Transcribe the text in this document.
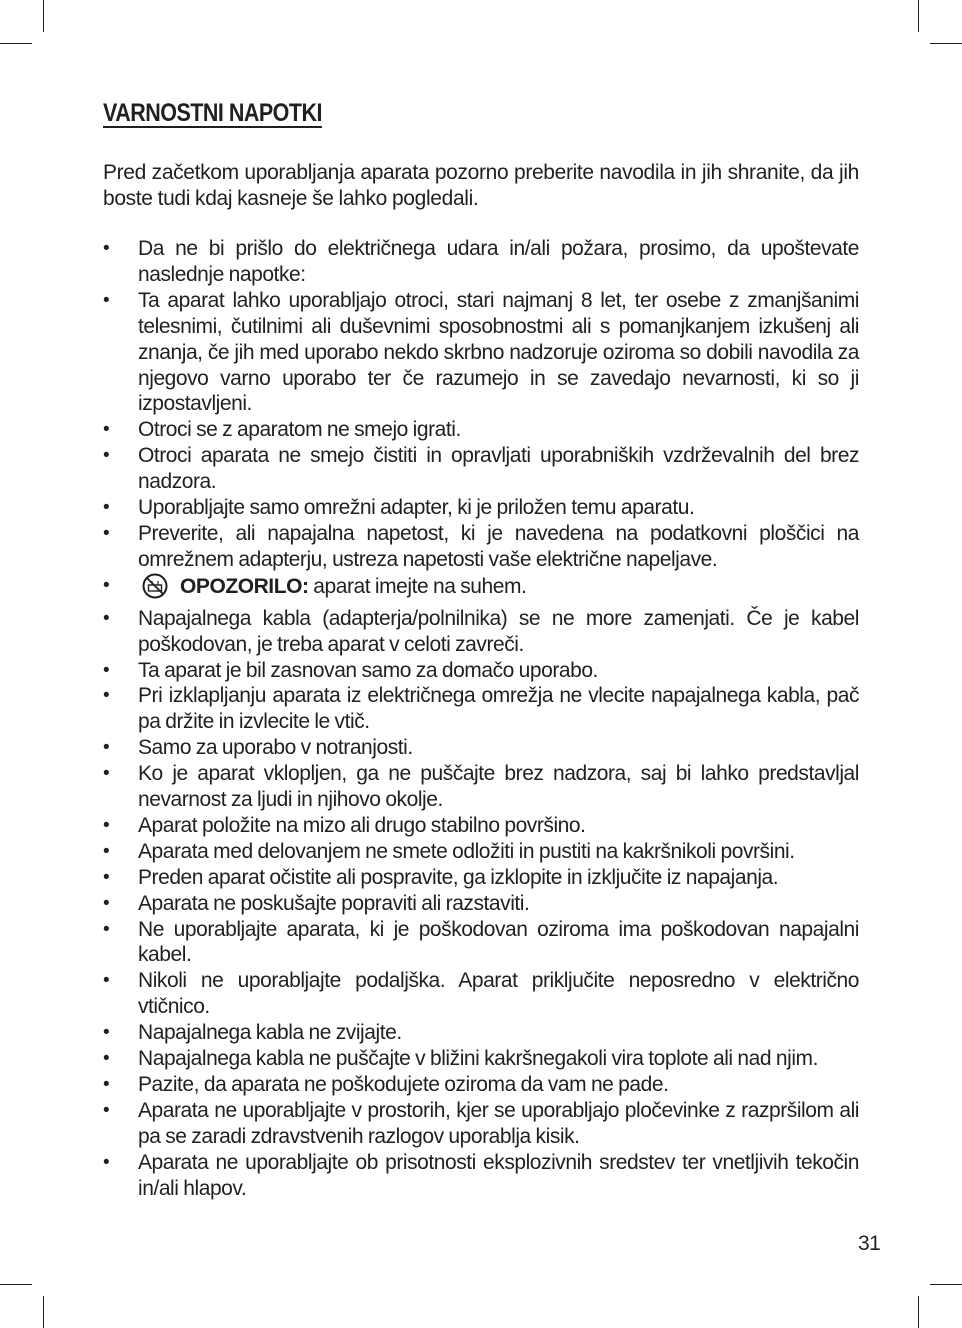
VARNOSTNI NAPOTKI

Pred začetkom uporabljanja aparata pozorno preberite navodila in jih shranite, da jih boste tudi kdaj kasneje še lahko pogledali.

•	Da ne bi prišlo do električnega udara in/ali požara, prosimo, da upoštevate naslednje napotke:
•	Ta aparat lahko uporabljajo otroci, stari najmanj 8 let, ter osebe z zmanjšanimi telesnimi, čutilnimi ali duševnimi sposobnostmi ali s pomanjkanjem izkušenj ali znanja, če jih med uporabo nekdo skrbno nadzoruje oziroma so dobili navodila za njegovo varno uporabo ter če razumejo in se zavedajo nevarnosti, ki so ji izpostavljeni.
•	Otroci se z aparatom ne smejo igrati.
•	Otroci aparata ne smejo čistiti in opravljati uporabniških vzdrževalnih del brez nadzora.
•	Uporabljajte samo omrežni adapter, ki je priložen temu aparatu.
•	Preverite, ali napajalna napetost, ki je navedena na podatkovni ploščici na omrežnem adapterju, ustreza napetosti vaše električne napeljave.
•	OPOZORILO: aparat imejte na suhem.
•	Napajalnega kabla (adapterja/polnilnika) se ne more zamenjati. Če je kabel poškodovan, je treba aparat v celoti zavreči.
•	Ta aparat je bil zasnovan samo za domačo uporabo.
•	Pri izklapljanju aparata iz električnega omrežja ne vlecite napajalnega kabla, pač pa držite in izvlecite le vtič.
•	Samo za uporabo v notranjosti.
•	Ko je aparat vklopljen, ga ne puščajte brez nadzora, saj bi lahko predstavljal nevarnost za ljudi in njihovo okolje.
•	Aparat položite na mizo ali drugo stabilno površino.
•	Aparata med delovanjem ne smete odložiti in pustiti na kakršnikoli površini.
•	Preden aparat očistite ali pospravite, ga izklopite in izključite iz napajanja.
•	Aparata ne poskušajte popraviti ali razstaviti.
•	Ne uporabljajte aparata, ki je poškodovan oziroma ima poškodovan napajalni kabel.
•	Nikoli ne uporabljajte podaljška. Aparat priključite neposredno v električno vtičnico.
•	Napajalnega kabla ne zvijajte.
•	Napajalnega kabla ne puščajte v bližini kakršnegakoli vira toplote ali nad njim.
•	Pazite, da aparata ne poškodujete oziroma da vam ne pade.
•	Aparata ne uporabljajte v prostorih, kjer se uporabljajo pločevinke z razpršilom ali pa se zaradi zdravstvenih razlogov uporablja kisik.
•	Aparata ne uporabljajte ob prisotnosti eksplozivnih sredstev ter vnetljivih tekočin in/ali hlapov.
31
